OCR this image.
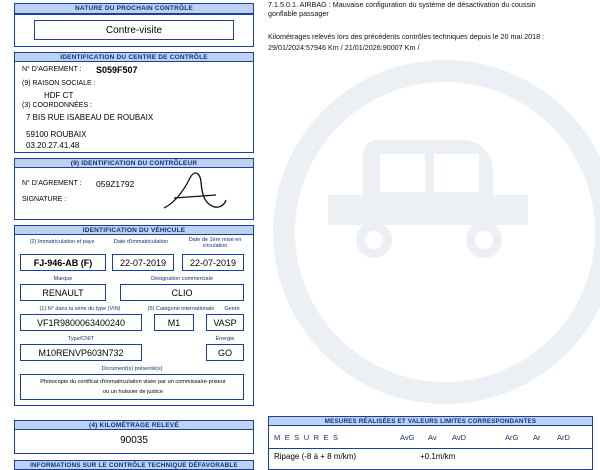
7.1.5.0.1. AIRBAG : Mauvaise configuration du système de désactivation du coussin
gonflable passager
Kilométrages relevés lors des précédents contrôles techniques depuis le 20 mai 2018 :
29/01/2024:57946 Km / 21/01/2026:90007 Km /
NATURE DU PROCHAIN CONTRÔLE
Contre-visite
IDENTIFICATION DU CENTRE DE CONTRÔLE
N° D'AGREMENT : S059F507
(9) RAISON SOCIALE :
HDF CT
(3) COORDONNÉES :
7 BIS RUE ISABEAU DE ROUBAIX
59100 ROUBAIX
03.20.27.41.48
(9) IDENTIFICATION DU CONTRÔLEUR
N° D'AGREMENT : 059Z1792
SIGNATURE :
IDENTIFICATION DU VÉHICULE
(2) Immatriculation et pays	Date d'immatriculation	Date de 1ère mise en circulation
FJ-946-AB (F)	22-07-2019	22-07-2019
Marque	Désignation commerciale
RENAULT	CLIO
(1) N° dans la série du type (VIN)	(5) Catégorie internationale	Genre
VF1R9800063400240	M1	VASP
Type/CNIT	Énergie
M10RENVP603N732	GO
Document(s) présenté(s)
Photocopie du certificat d'immatriculation visée par un commissaire-priseur
ou un huissier de justice
(4) KILOMÉTRAGE RELEVÉ
90035
INFORMATIONS SUR LE CONTRÔLE TECHNIQUE DÉFAVORABLE
MESURES RÉALISÉES ET VALEURS LIMITES CORRESPONDANTES
M E S U R E S	AvG Av AvD	ArG Ar ArD
Ripage (-8 à + 8 m/km)	+0.1m/km
